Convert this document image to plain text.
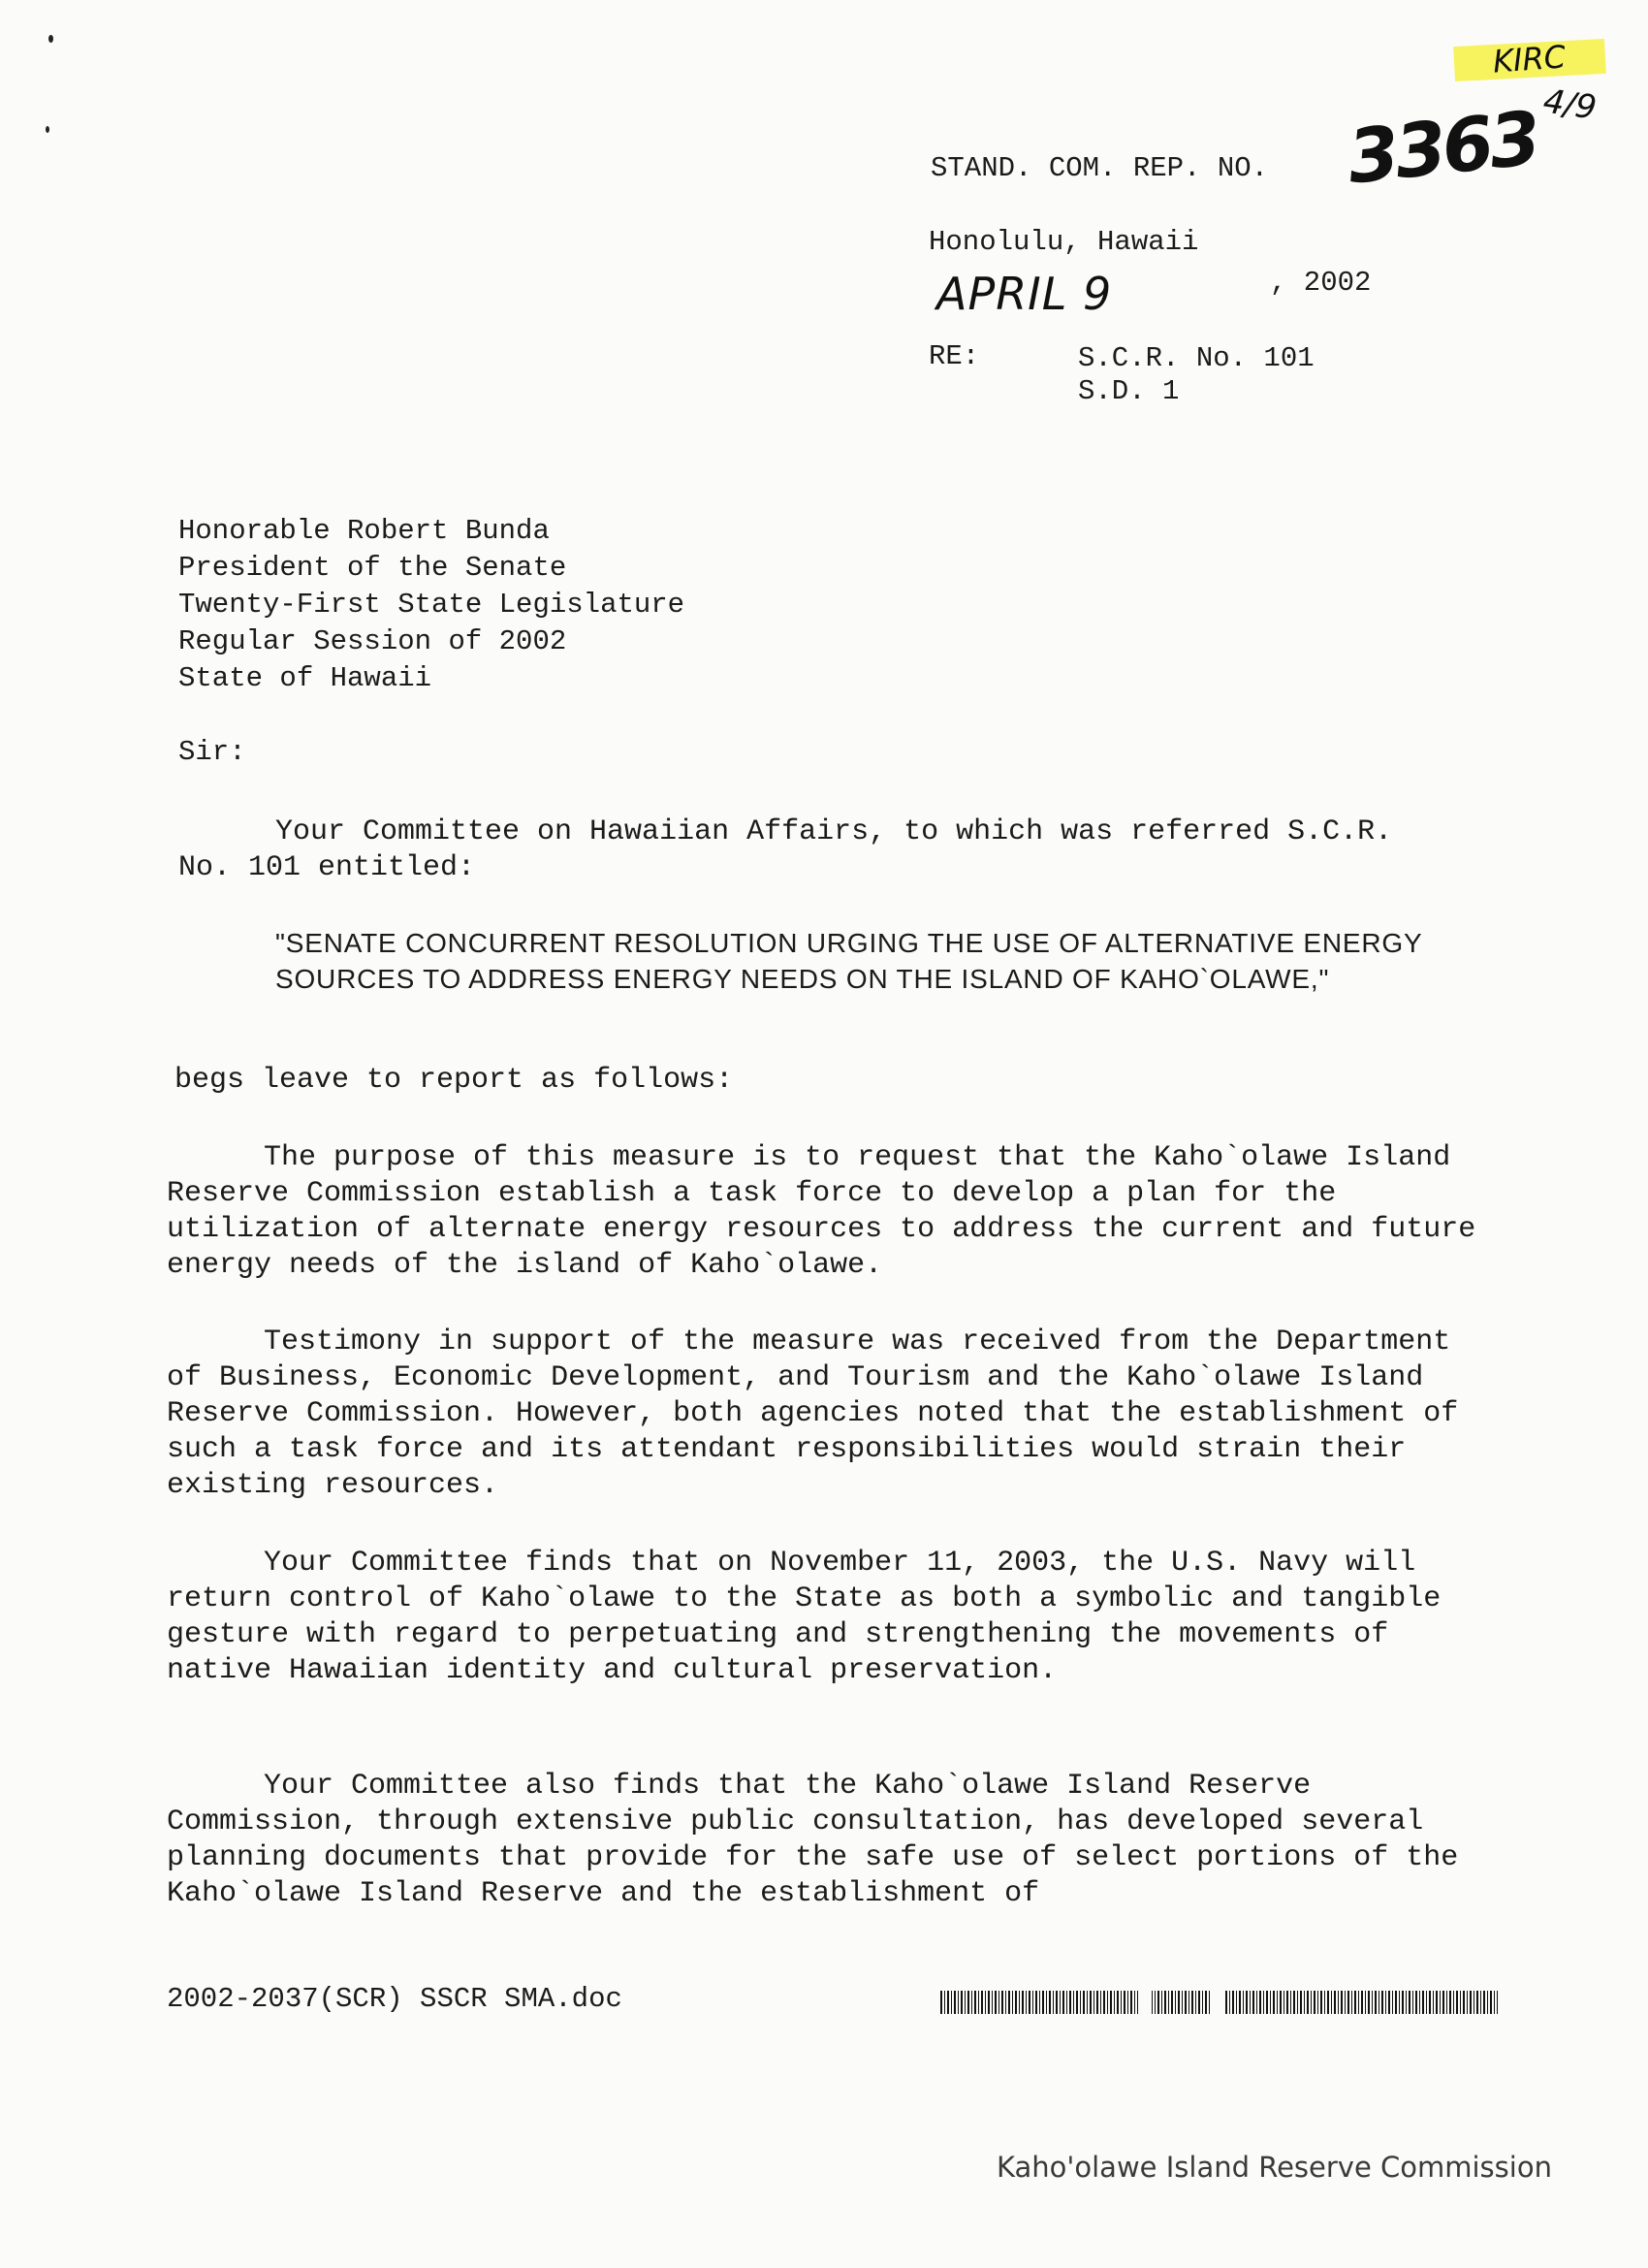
KIRC
4/9
3363
APRIL 9
STAND. COM. REP. NO.
Honolulu, Hawaii
, 2002
RE:	S.C.R. No. 101
S.D. 1
Honorable Robert Bunda
President of the Senate
Twenty-First State Legislature
Regular Session of 2002
State of Hawaii
Sir:

Your Committee on Hawaiian Affairs, to which was referred S.C.R. No. 101 entitled:

"SENATE CONCURRENT RESOLUTION URGING THE USE OF ALTERNATIVE ENERGY SOURCES TO ADDRESS ENERGY NEEDS ON THE ISLAND OF KAHO`OLAWE,"
begs leave to report as follows:

The purpose of this measure is to request that the Kaho`olawe Island Reserve Commission establish a task force to develop a plan for the utilization of alternate energy resources to address the current and future energy needs of the island of Kaho`olawe.

Testimony in support of the measure was received from the Department of Business, Economic Development, and Tourism and the Kaho`olawe Island Reserve Commission. However, both agencies noted that the establishment of such a task force and its attendant responsibilities would strain their existing resources.

Your Committee finds that on November 11, 2003, the U.S. Navy will return control of Kaho`olawe to the State as both a symbolic and tangible gesture with regard to perpetuating and strengthening the movements of native Hawaiian identity and cultural preservation.

Your Committee also finds that the Kaho`olawe Island Reserve Commission, through extensive public consultation, has developed several planning documents that provide for the safe use of select portions of the Kaho`olawe Island Reserve and the establishment of

2002-2037(SCR) SSCR SMA.doc
Kaho'olawe Island Reserve Commission
